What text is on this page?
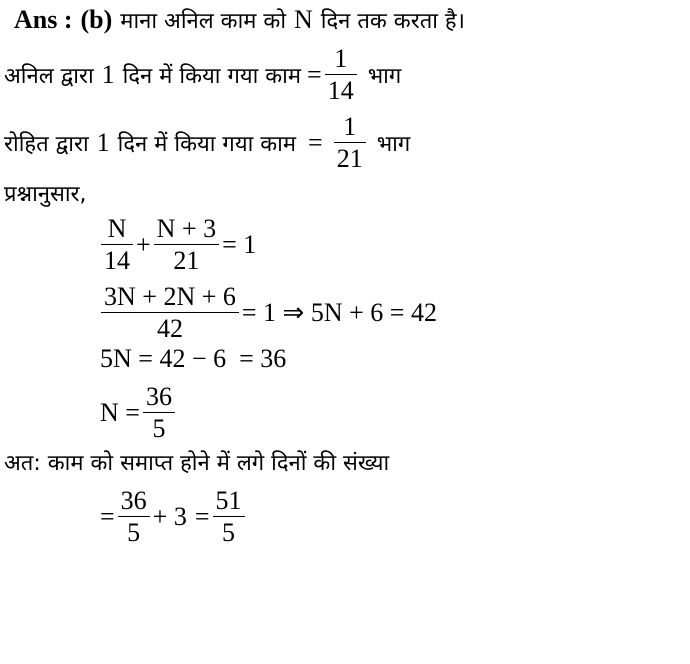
Ans : (b) माना अनिल काम को N दिन तक करता है।
अनिल द्वारा 1 दिन में किया गया काम = $\frac{1}{14}$ भाग
रोहित द्वारा 1 दिन में किया गया काम = $\frac{1}{21}$ भाग
प्रश्नानुसार,
$\frac{N}{14} + \frac{N + 3}{21} = 1$
$\frac{3N + 2N + 6}{42} = 1$ ⇒ 5N + 6 = 42
5N = 42 − 6  = 36
$N = \frac{36}{5}$
अत: काम को समाप्त होने में लगे दिनों की संख्या
= $\frac{36}{5} + 3 = \frac{51}{5}$
